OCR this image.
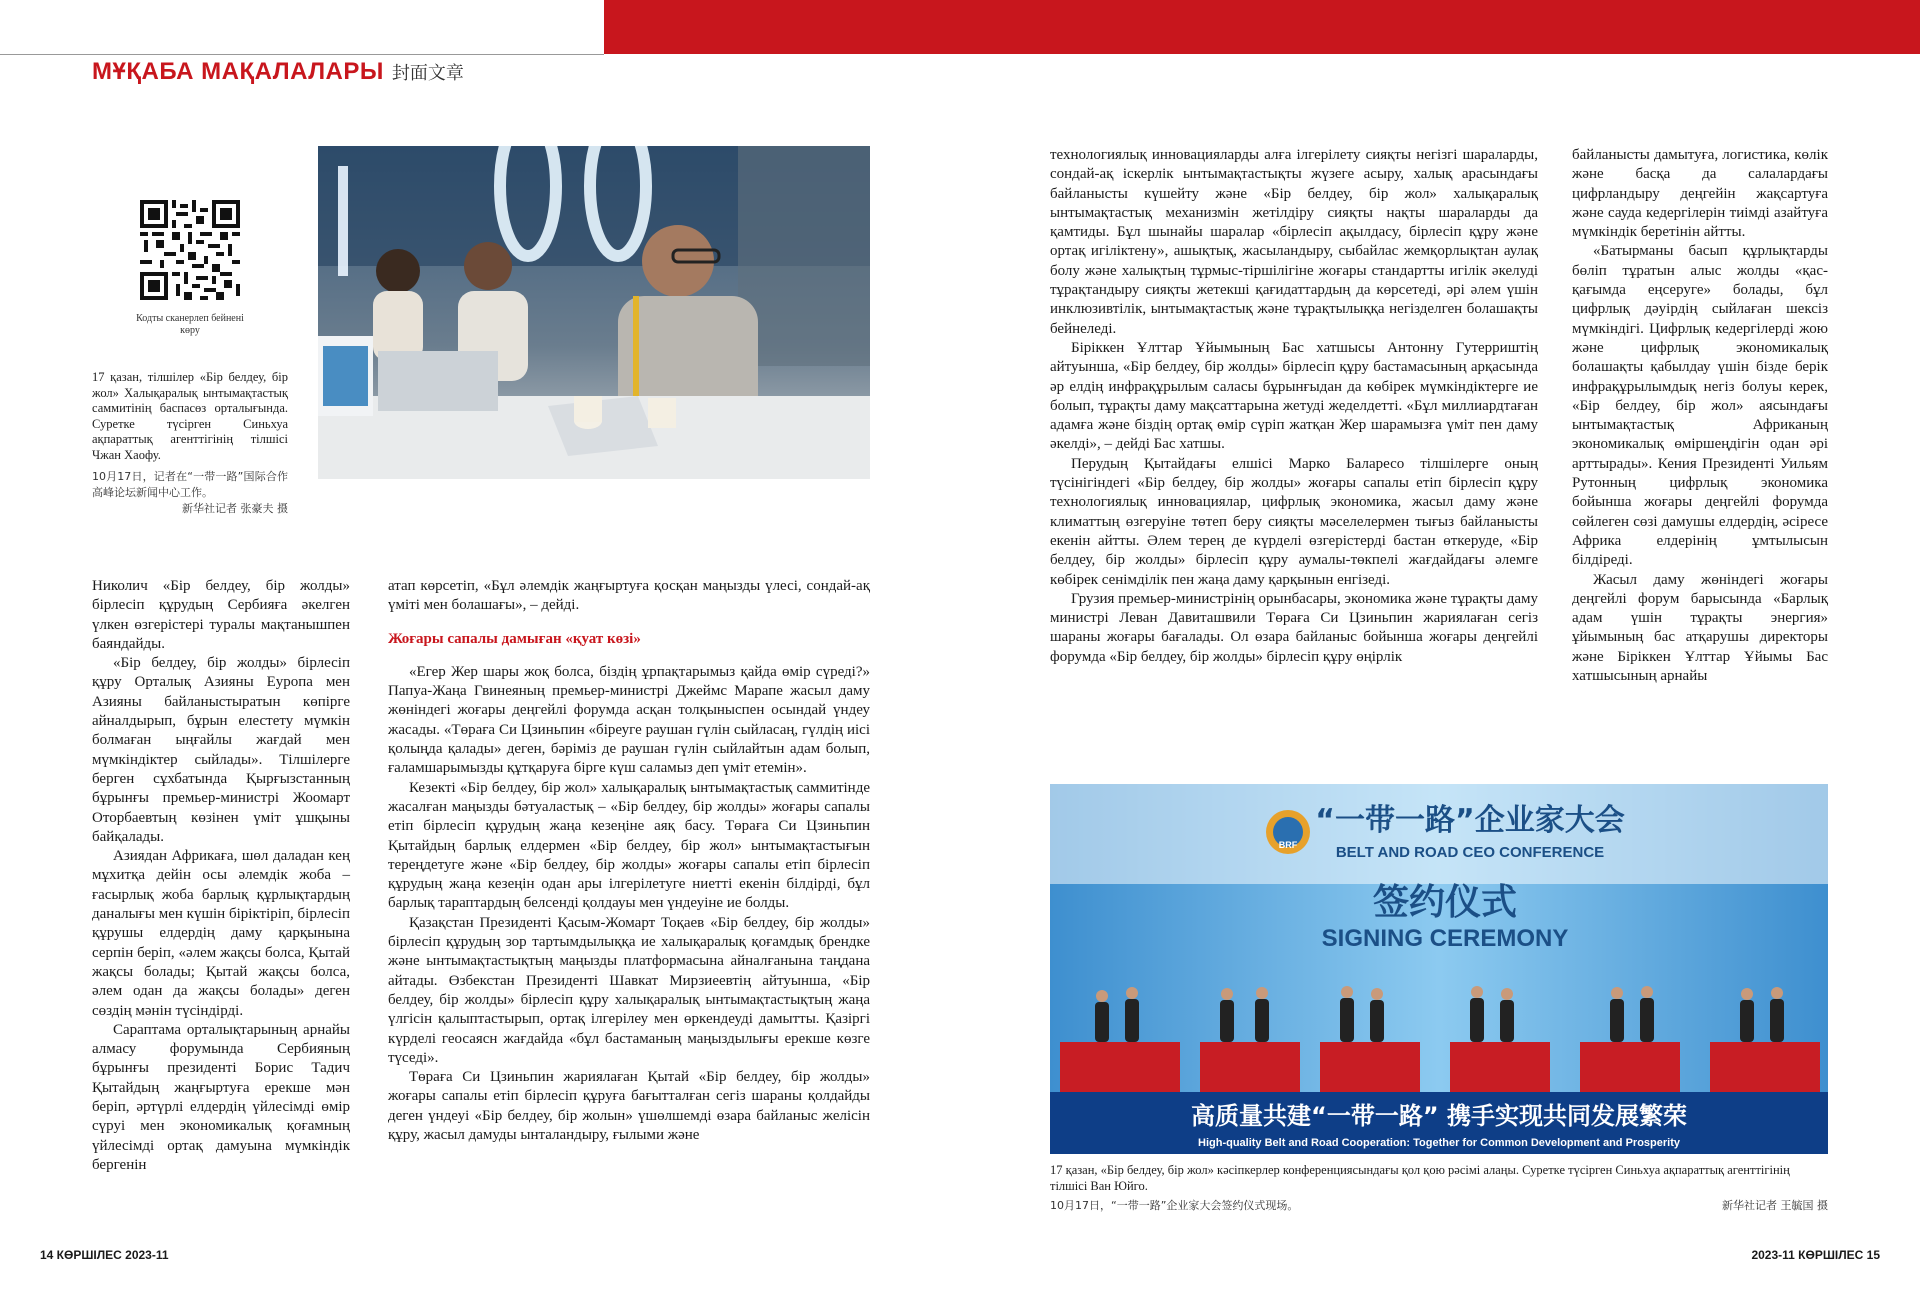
МҰҚАБА МАҚАЛАЛАРЫ 封面文章
Кодты сканерлеп бейнені көру

17 қазан, тілшілер «Бір белдеу, бір жол» Халықаралық ынтымақтастық саммитінің баспасөз орталығында. Суретке түсірген Синьхуа ақпараттық агенттігінің тілшісі Чжан Хаофу.

10月17日，记者在“一带一路”国际合作高峰论坛新闻中心工作。

新华社记者 张豪夫 摄

Николич «Бір белдеу, бір жолды» бірлесіп құрудың Сербияға әкелген үлкен өзгерістері туралы мақтанышпен баяндайды.

«Бір белдеу, бір жолды» бірлесіп құру Орталық Азияны Еуропа мен Азияны байланыстыратын көпірге айналдырып, бұрын елестету мүмкін болмаған ыңғайлы жағдай мен мүмкіндіктер сыйлады». Тілшілерге берген сұхбатында Қырғызстанның бұрынғы премьер-министрі Жоомарт Оторбаевтың көзінен үміт ұшқыны байқалады.

Азиядан Африкаға, шөл даладан кең мұхитқа дейін осы әлемдік жоба – ғасырлық жоба барлық құрлықтардың даналығы мен күшін біріктіріп, бірлесіп құрушы елдердің даму қарқынына серпін беріп, «әлем жақсы болса, Қытай жақсы болады; Қытай жақсы болса, әлем одан да жақсы болады» деген сөздің мәнін түсіндірді.

Сараптама орталықтарының арнайы алмасу форумында Сербияның бұрынғы президенті Борис Тадич Қытайдың жаңғыртуға ерекше мән беріп, әртүрлі елдердің үйлесімді өмір сүруі мен экономикалық қоғамның үйлесімді ортақ дамуына мүмкіндік бергенін

атап көрсетіп, «Бұл әлемдік жаңғыртуға қосқан маңызды үлесі, сондай-ақ үміті мен болашағы», – дейді.

Жоғары сапалы дамыған «қуат көзі»

«Егер Жер шары жоқ болса, біздің ұрпақтарымыз қайда өмір сүреді?» Папуа-Жаңа Гвинеяның премьер-министрі Джеймс Марапе жасыл даму жөніндегі жоғары деңгейлі форумда асқан толқыныспен осындай үндеу жасады. «Төраға Си Цзиньпин «біреуге раушан гүлін сыйласаң, гүлдің иісі қолыңда қалады» деген, бәріміз де раушан гүлін сыйлайтын адам болып, ғаламшарымызды құтқаруға бірге күш саламыз деп үміт етемін».

Кезекті «Бір белдеу, бір жол» халықаралық ынтымақтастық саммитінде жасалған маңызды бәтуаластық – «Бір белдеу, бір жолды» жоғары сапалы етіп бірлесіп құрудың жаңа кезеңіне аяқ басу. Төраға Си Цзиньпин Қытайдың барлық елдермен «Бір белдеу, бір жол» ынтымақтастығын тереңдетуге және «Бір белдеу, бір жолды» жоғары сапалы етіп бірлесіп құрудың жаңа кезеңін одан ары ілгерілетуге ниетті екенін білдірді, бұл барлық тараптардың белсенді қолдауы мен үндеуіне ие болды.

Қазақстан Президенті Қасым-Жомарт Тоқаев «Бір белдеу, бір жолды» бірлесіп құрудың зор тартымдылыққа ие халықаралық қоғамдық брендке және ынтымақтастықтың маңызды платформасына айналғанына таңдана айтады. Өзбекстан Президенті Шавкат Мирзиеевтің айтуынша, «Бір белдеу, бір жолды» бірлесіп құру халықаралық ынтымақтастықтың жаңа үлгісін қалыптастырып, ортақ ілгерілеу мен өркендеуді дамытты. Қазіргі күрделі геосаясн жағдайда «бұл бастаманың маңыздылығы ерекше көзге түседі».

Төраға Си Цзиньпин жариялаған Қытай «Бір белдеу, бір жолды» жоғары сапалы етіп бірлесіп құруға бағытталған сегіз шараны қолдайды деген үндеуі «Бір белдеу, бір жолын» үшөлшемді өзара байланыс желісін құру, жасыл дамуды ынталандыру, ғылыми және

технологиялық инновацияларды алға ілгерілету сияқты негізгі шараларды, сондай-ақ іскерлік ынтымақтастықты жүзеге асыру, халық арасындағы байланысты күшейту және «Бір белдеу, бір жол» халықаралық ынтымақтастық механизмін жетілдіру сияқты нақты шараларды да қамтиды. Бұл шынайы шаралар «бірлесіп ақылдасу, бірлесіп құру және ортақ игіліктену», ашықтық, жасыландыру, сыбайлас жемқорлықтан аулақ болу және халықтың тұрмыс-тіршілігіне жоғары стандартты игілік әкелуді тұрақтандыру сияқты жетекші қағидаттардың да көрсетеді, әрі әлем үшін инклюзивтілік, ынтымақтастық және тұрақтылыққа негізделген болашақты бейнеледі.

Біріккен Ұлттар Ұйымының Бас хатшысы Антонну Гутерриштің айтуынша, «Бір белдеу, бір жолды» бірлесіп құру бастамасының арқасында әр елдің инфрақұрылым саласы бұрынғыдан да көбірек мүмкіндіктерге ие болып, тұрақты даму мақсаттарына жетуді жеделдетті. «Бұл миллиардтаған адамға және біздің ортақ өмір сүріп жатқан Жер шарамызға үміт пен даму әкелді», – дейді Бас хатшы.

Перудың Қытайдағы елшісі Марко Баларесо тілшілерге оның түсінігіндегі «Бір белдеу, бір жолды» жоғары сапалы етіп бірлесіп құру технологиялық инновациялар, цифрлық экономика, жасыл даму және климаттың өзгеруіне төтеп беру сияқты мәселелермен тығыз байланысты екенін айтты. Әлем терең де күрделі өзгерістерді бастан өткеруде, «Бір белдеу, бір жолды» бірлесіп құру аумалы-төкпелі жағдайдағы әлемге көбірек сенімділік пен жаңа даму қарқынын енгізеді.

Грузия премьер-министрінің орынбасары, экономика және тұрақты даму министрі Леван Давиташвили Төраға Си Цзиньпин жариялаған сегіз шараны жоғары бағалады. Ол өзара байланыс бойынша жоғары деңгейлі форумда «Бір белдеу, бір жолды» бірлесіп құру өңірлік

байланысты дамытуға, логистика, көлік және басқа да салалардағы цифрландыру деңгейін жақсартуға және сауда кедергілерін тиімді азайтуға мүмкіндік беретінін айтты.

«Батырманы басып құрлықтарды бөліп тұратын алыс жолды «қас-қағымда еңсеруге» болады, бұл цифрлық дәуірдің сыйлаған шексіз мүмкіндігі. Цифрлық кедергілерді жою және цифрлық экономикалық болашақты қабылдау үшін бізде берік инфрақұрылымдық негіз болуы керек, «Бір белдеу, бір жол» аясындағы ынтымақтастық Африканың экономикалық өміршеңдігін одан әрі арттырады». Кения Президенті Уильям Рутонның цифрлық экономика бойынша жоғары деңгейлі форумда сөйлеген сөзі дамушы елдердің, әсіресе Африка елдерінің ұмтылысын білдіреді.

Жасыл даму жөніндегі жоғары деңгейлі форум барысында «Барлық адам үшін тұрақты энергия» ұйымының бас атқарушы директоры және Біріккен Ұлттар Ұйымы Бас хатшысының арнайы

BRF
“一带一路”企业家大会
BELT AND ROAD CEO CONFERENCE
签约仪式
SIGNING CEREMONY
高质量共建“一带一路” 携手实现共同发展繁荣
High-quality Belt and Road Cooperation: Together for Common Development and Prosperity

17 қазан, «Бір белдеу, бір жол» кәсіпкерлер конференциясындағы қол қою рәсімі алаңы. Суретке түсірген Синьхуа ақпараттық агенттігінің тілшісі Ван Юйго.

10月17日，“一带一路”企业家大会签约仪式现场。	新华社记者 王毓国 摄

14 КӨРШІЛЕС 2023-11	2023-11 КӨРШІЛЕС 15
